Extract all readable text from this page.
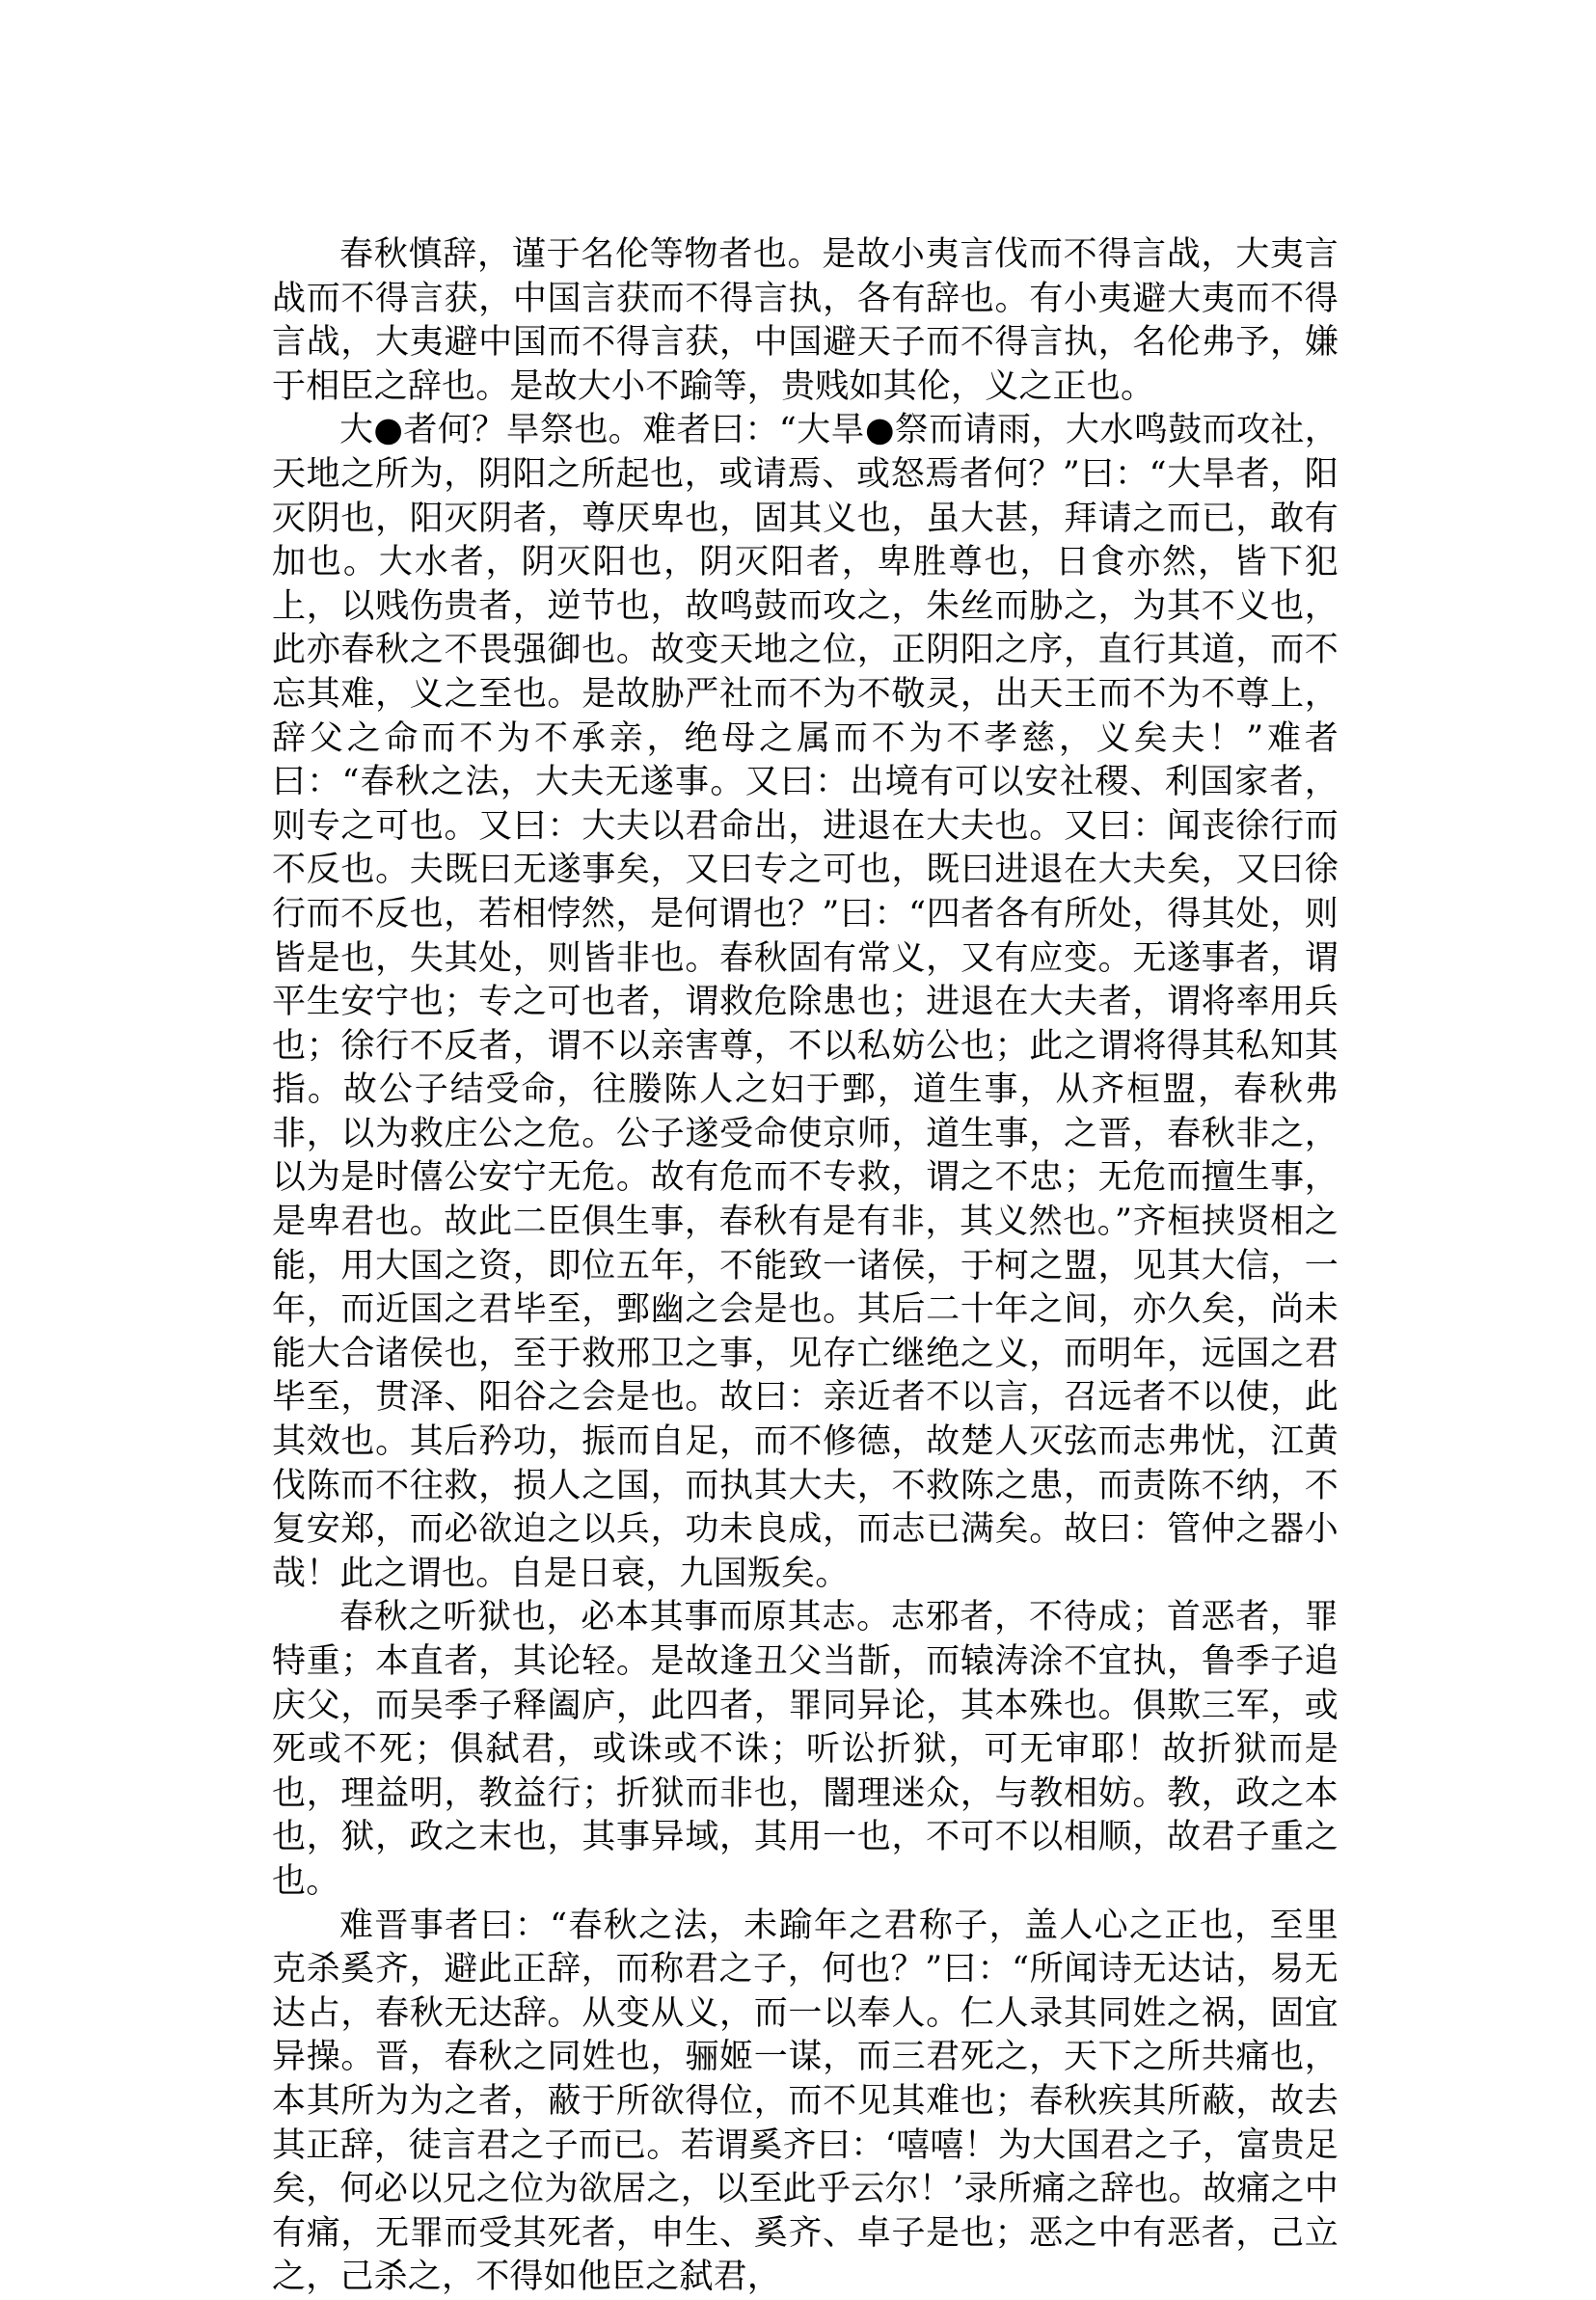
春秋慎辞，谨于名伦等物者也。是故小夷言伐而不得言战，大夷言战而不得言获，中国言获而不得言执，各有辞也。有小夷避大夷而不得言战，大夷避中国而不得言获，中国避天子而不得言执，名伦弗予，嫌于相臣之辞也。是故大小不踰等，贵贱如其伦，义之正也。

大●者何？旱祭也。难者曰：“大旱●祭而请雨，大水鸣鼓而攻社，天地之所为，阴阳之所起也，或请焉、或怒焉者何？”曰：“大旱者，阳灭阴也，阳灭阴者，尊厌卑也，固其义也，虽大甚，拜请之而已，敢有加也。大水者，阴灭阳也，阴灭阳者，卑胜尊也，日食亦然，皆下犯上，以贱伤贵者，逆节也，故鸣鼓而攻之，朱丝而胁之，为其不义也，此亦春秋之不畏强御也。故变天地之位，正阴阳之序，直行其道，而不忘其难，义之至也。是故胁严社而不为不敬灵，出天王而不为不尊上，辞父之命而不为不承亲，绝母之属而不为不孝慈，义矣夫！”难者曰：“春秋之法，大夫无遂事。又曰：出境有可以安社稷、利国家者，则专之可也。又曰：大夫以君命出，进退在大夫也。又曰：闻丧徐行而不反也。夫既曰无遂事矣，又曰专之可也，既曰进退在大夫矣，又曰徐行而不反也，若相悖然，是何谓也？”曰：“四者各有所处，得其处，则皆是也，失其处，则皆非也。春秋固有常义，又有应变。无遂事者，谓平生安宁也；专之可也者，谓救危除患也；进退在大夫者，谓将率用兵也；徐行不反者，谓不以亲害尊，不以私妨公也；此之谓将得其私知其指。故公子结受命，往媵陈人之妇于鄄，道生事，从齐桓盟，春秋弗非，以为救庄公之危。公子遂受命使京师，道生事，之晋，春秋非之，以为是时僖公安宁无危。故有危而不专救，谓之不忠；无危而擅生事，是卑君也。故此二臣俱生事，春秋有是有非，其义然也。”齐桓挟贤相之能，用大国之资，即位五年，不能致一诸侯，于柯之盟，见其大信，一年，而近国之君毕至，鄄幽之会是也。其后二十年之间，亦久矣，尚未能大合诸侯也，至于救邢卫之事，见存亡继绝之义，而明年，远国之君毕至，贯泽、阳谷之会是也。故曰：亲近者不以言，召远者不以使，此其效也。其后矜功，振而自足，而不修德，故楚人灭弦而志弗忧，江黄伐陈而不往救，损人之国，而执其大夫，不救陈之患，而责陈不纳，不复安郑，而必欲迫之以兵，功未良成，而志已满矣。故曰：管仲之器小哉！此之谓也。自是日衰，九国叛矣。

春秋之听狱也，必本其事而原其志。志邪者，不待成；首恶者，罪特重；本直者，其论轻。是故逢丑父当斮，而辕涛涂不宜执，鲁季子追庆父，而吴季子释阖庐，此四者，罪同异论，其本殊也。俱欺三军，或死或不死；俱弑君，或诛或不诛；听讼折狱，可无审耶！故折狱而是也，理益明，教益行；折狱而非也，闇理迷众，与教相妨。教，政之本也，狱，政之末也，其事异域，其用一也，不可不以相顺，故君子重之也。

难晋事者曰：“春秋之法，未踰年之君称子，盖人心之正也，至里克杀奚齐，避此正辞，而称君之子，何也？”曰：“所闻诗无达诂，易无达占，春秋无达辞。从变从义，而一以奉人。仁人录其同姓之祸，固宜异操。晋，春秋之同姓也，骊姬一谋，而三君死之，天下之所共痛也，本其所为为之者，蔽于所欲得位，而不见其难也；春秋疾其所蔽，故去其正辞，徒言君之子而已。若谓奚齐曰：‘嘻嘻！为大国君之子，富贵足矣，何必以兄之位为欲居之，以至此乎云尔！’录所痛之辞也。故痛之中有痛，无罪而受其死者，申生、奚齐、卓子是也；恶之中有恶者，己立之，己杀之，不得如他臣之弑君，
